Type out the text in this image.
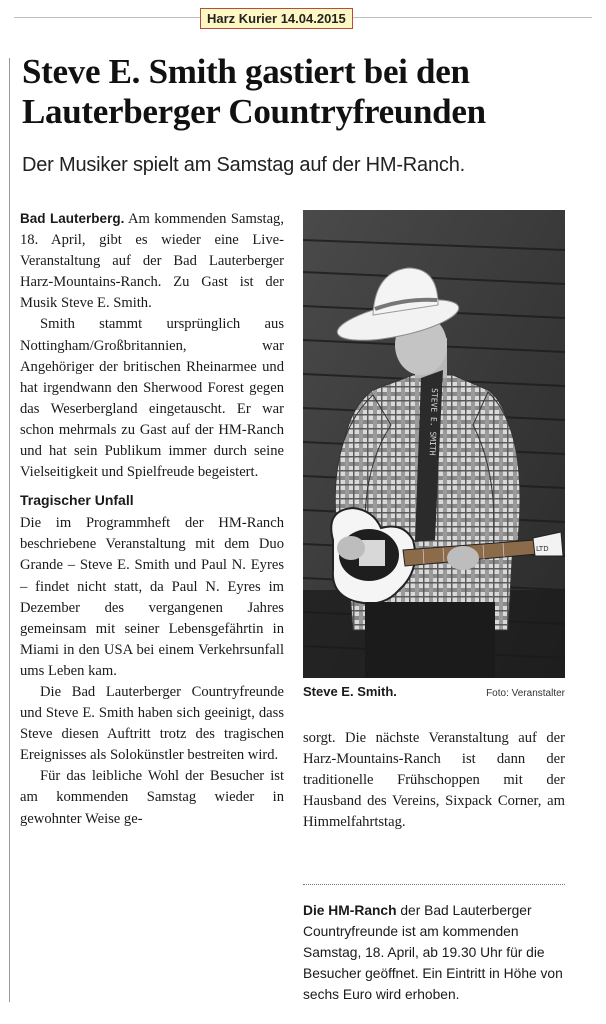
Harz Kurier 14.04.2015
Steve E. Smith gastiert bei den Lauterberger Countryfreunden

Der Musiker spielt am Samstag auf der HM-Ranch.

Bad Lauterberg. Am kommenden Samstag, 18. April, gibt es wieder eine Live-Veranstaltung auf der Bad Lauterberger Harz-Mountains-Ranch. Zu Gast ist der Musik Steve E. Smith.

Smith stammt ursprünglich aus Nottingham/Großbritannien, war Angehöriger der britischen Rheinarmee und hat irgendwann den Sherwood Forest gegen das Weserbergland eingetauscht. Er war schon mehrmals zu Gast auf der HM-Ranch und hat sein Publikum immer durch seine Vielseitigkeit und Spielfreude begeistert.

Tragischer Unfall

Die im Programmheft der HM-Ranch beschriebene Veranstaltung mit dem Duo Grande – Steve E. Smith und Paul N. Eyres – findet nicht statt, da Paul N. Eyres im Dezember des vergangenen Jahres gemeinsam mit seiner Lebensgefährtin in Miami in den USA bei einem Verkehrsunfall ums Leben kam.

Die Bad Lauterberger Countryfreunde und Steve E. Smith haben sich geeinigt, dass Steve diesen Auftritt trotz des tragischen Ereignisses als Solokünstler bestreiten wird.

Für das leibliche Wohl der Besucher ist am kommenden Samstag wieder in gewohnter Weise ge-

STEVE E. SMITH
LTD
Steve E. Smith.	Foto: Veranstalter

sorgt. Die nächste Veranstaltung auf der Harz-Mountains-Ranch ist dann der traditionelle Frühschoppen mit der Hausband des Vereins, Sixpack Corner, am Himmelfahrtstag.

Die HM-Ranch der Bad Lauterberger Countryfreunde ist am kommenden Samstag, 18. April, ab 19.30 Uhr für die Besucher geöffnet. Ein Eintritt in Höhe von sechs Euro wird erhoben.
